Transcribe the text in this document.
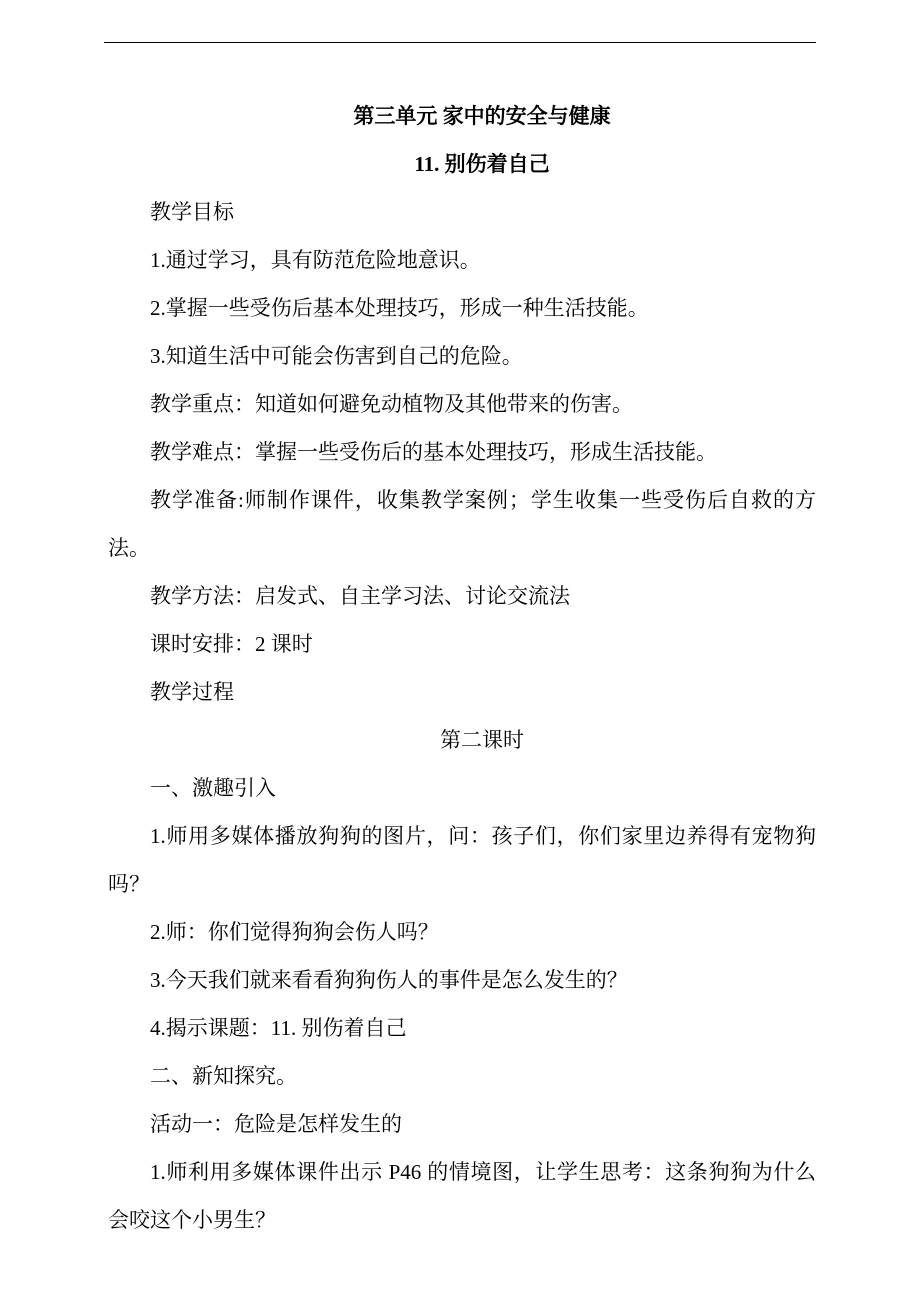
第三单元 家中的安全与健康
11. 别伤着自己
教学目标
1.通过学习，具有防范危险地意识。
2.掌握一些受伤后基本处理技巧，形成一种生活技能。
3.知道生活中可能会伤害到自己的危险。
教学重点：知道如何避免动植物及其他带来的伤害。
教学难点：掌握一些受伤后的基本处理技巧，形成生活技能。
教学准备:师制作课件，收集教学案例；学生收集一些受伤后自救的方法。
教学方法：启发式、自主学习法、讨论交流法
课时安排：2 课时
教学过程
第二课时
一、激趣引入
1.师用多媒体播放狗狗的图片，问：孩子们，你们家里边养得有宠物狗吗？
2.师：你们觉得狗狗会伤人吗？
3.今天我们就来看看狗狗伤人的事件是怎么发生的？
4.揭示课题：11. 别伤着自己
二、新知探究。
活动一：危险是怎样发生的
1.师利用多媒体课件出示 P46 的情境图，让学生思考：这条狗狗为什么会咬这个小男生？
